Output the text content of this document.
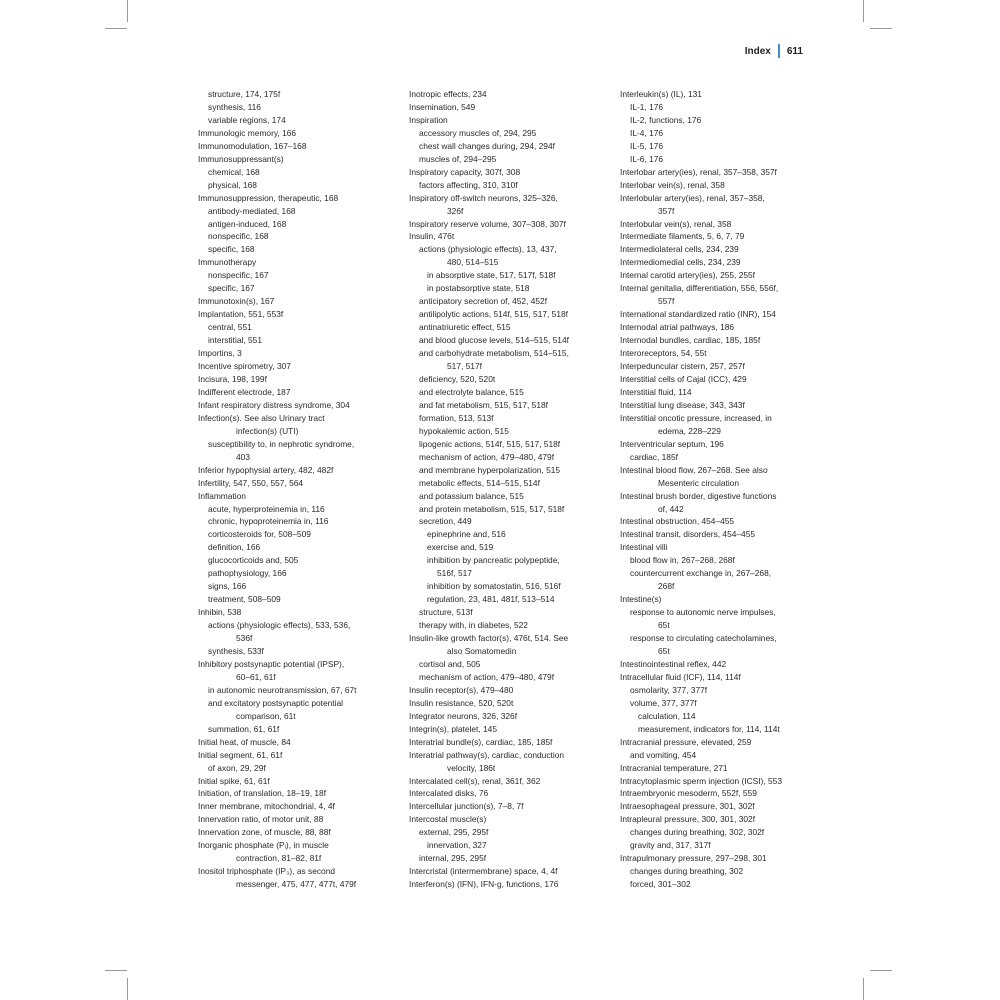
Index 611
structure, 174, 175f
synthesis, 116
variable regions, 174
Immunologic memory, 166
Immunomodulation, 167–168
Immunosuppressant(s)
chemical, 168
physical, 168
Immunosuppression, therapeutic, 168
antibody-mediated, 168
antigen-induced, 168
nonspecific, 168
specific, 168
Immunotherapy
nonspecific, 167
specific, 167
Immunotoxin(s), 167
Implantation, 551, 553f
central, 551
interstitial, 551
Importins, 3
Incentive spirometry, 307
Incisura, 198, 199f
Indifferent electrode, 187
Infant respiratory distress syndrome, 304
Infection(s). See also Urinary tract
infection(s) (UTI)
susceptibility to, in nephrotic syndrome,
403
Inferior hypophysial artery, 482, 482f
Infertility, 547, 550, 557, 564
Inflammation
acute, hyperproteinemia in, 116
chronic, hypoproteinemia in, 116
corticosteroids for, 508–509
definition, 166
glucocorticoids and, 505
pathophysiology, 166
signs, 166
treatment, 508–509
Inhibin, 538
actions (physiologic effects), 533, 536,
536f
synthesis, 533f
Inhibitory postsynaptic potential (IPSP),
60–61, 61f
in autonomic neurotransmission, 67, 67t
and excitatory postsynaptic potential
comparison, 61t
summation, 61, 61f
Initial heat, of muscle, 84
Initial segment, 61, 61f
of axon, 29, 29f
Initial spike, 61, 61f
Initiation, of translation, 18–19, 18f
Inner membrane, mitochondrial, 4, 4f
Innervation ratio, of motor unit, 88
Innervation zone, of muscle, 88, 88f
Inorganic phosphate (Pᵢ), in muscle
contraction, 81–82, 81f
Inositol triphosphate (IP₃), as second
messenger, 475, 477, 477t, 479f
Inotropic effects, 234
Insemination, 549
Inspiration
accessory muscles of, 294, 295
chest wall changes during, 294, 294f
muscles of, 294–295
Inspiratory capacity, 307f, 308
factors affecting, 310, 310f
Inspiratory off-switch neurons, 325–326,
326f
Inspiratory reserve volume, 307–308, 307f
Insulin, 476t
actions (physiologic effects), 13, 437,
480, 514–515
in absorptive state, 517, 517f, 518f
in postabsorptive state, 518
anticipatory secretion of, 452, 452f
antilipolytic actions, 514f, 515, 517, 518f
antinatriuretic effect, 515
and blood glucose levels, 514–515, 514f
and carbohydrate metabolism, 514–515,
517, 517f
deficiency, 520, 520t
and electrolyte balance, 515
and fat metabolism, 515, 517, 518f
formation, 513, 513f
hypokalemic action, 515
lipogenic actions, 514f, 515, 517, 518f
mechanism of action, 479–480, 479f
and membrane hyperpolarization, 515
metabolic effects, 514–515, 514f
and potassium balance, 515
and protein metabolism, 515, 517, 518f
secretion, 449
epinephrine and, 516
exercise and, 519
inhibition by pancreatic polypeptide,
516f, 517
inhibition by somatostatin, 516, 516f
regulation, 23, 481, 481f, 513–514
structure, 513f
therapy with, in diabetes, 522
Insulin-like growth factor(s), 476t, 514. See
also Somatomedin
cortisol and, 505
mechanism of action, 479–480, 479f
Insulin receptor(s), 479–480
Insulin resistance, 520, 520t
Integrator neurons, 326, 326f
Integrin(s), platelet, 145
Interatrial bundle(s), cardiac, 185, 185f
Interatrial pathway(s), cardiac, conduction
velocity, 186t
Intercalated cell(s), renal, 361f, 362
Intercalated disks, 76
Intercellular junction(s), 7–8, 7f
Intercostal muscle(s)
external, 295, 295f
innervation, 327
internal, 295, 295f
Intercristal (intermembrane) space, 4, 4f
Interferon(s) (IFN), IFN-g, functions, 176
Interleukin(s) (IL), 131
IL-1, 176
IL-2, functions, 176
IL-4, 176
IL-5, 176
IL-6, 176
Interlobar artery(ies), renal, 357–358, 357f
Interlobar vein(s), renal, 358
Interlobular artery(ies), renal, 357–358,
357f
Interlobular vein(s), renal, 358
Intermediate filaments, 5, 6, 7, 79
Intermediolateral cells, 234, 239
Intermediomedial cells, 234, 239
Internal carotid artery(ies), 255, 255f
Internal genitalia, differentiation, 556, 556f,
557f
International standardized ratio (INR), 154
Internodal atrial pathways, 186
Internodal bundles, cardiac, 185, 185f
Interoreceptors, 54, 55t
Interpeduncular cistern, 257, 257f
Interstitial cells of Cajal (ICC), 429
Interstitial fluid, 114
Interstitial lung disease, 343, 343f
Interstitial oncotic pressure, increased, in
edema, 228–229
Interventricular septum, 196
cardiac, 185f
Intestinal blood flow, 267–268. See also
Mesenteric circulation
Intestinal brush border, digestive functions
of, 442
Intestinal obstruction, 454–455
Intestinal transit, disorders, 454–455
Intestinal villi
blood flow in, 267–268, 268f
countercurrent exchange in, 267–268,
268f
Intestine(s)
response to autonomic nerve impulses,
65t
response to circulating catecholamines,
65t
Intestinointestinal reflex, 442
Intracellular fluid (ICF), 114, 114f
osmolarity, 377, 377f
volume, 377, 377f
calculation, 114
measurement, indicators for, 114, 114t
Intracranial pressure, elevated, 259
and vomiting, 454
Intracranial temperature, 271
Intracytoplasmic sperm injection (ICSI), 553
Intraembryonic mesoderm, 552f, 559
Intraesophageal pressure, 301, 302f
Intrapleural pressure, 300, 301, 302f
changes during breathing, 302, 302f
gravity and, 317, 317f
Intrapulmonary pressure, 297–298, 301
changes during breathing, 302
forced, 301–302
